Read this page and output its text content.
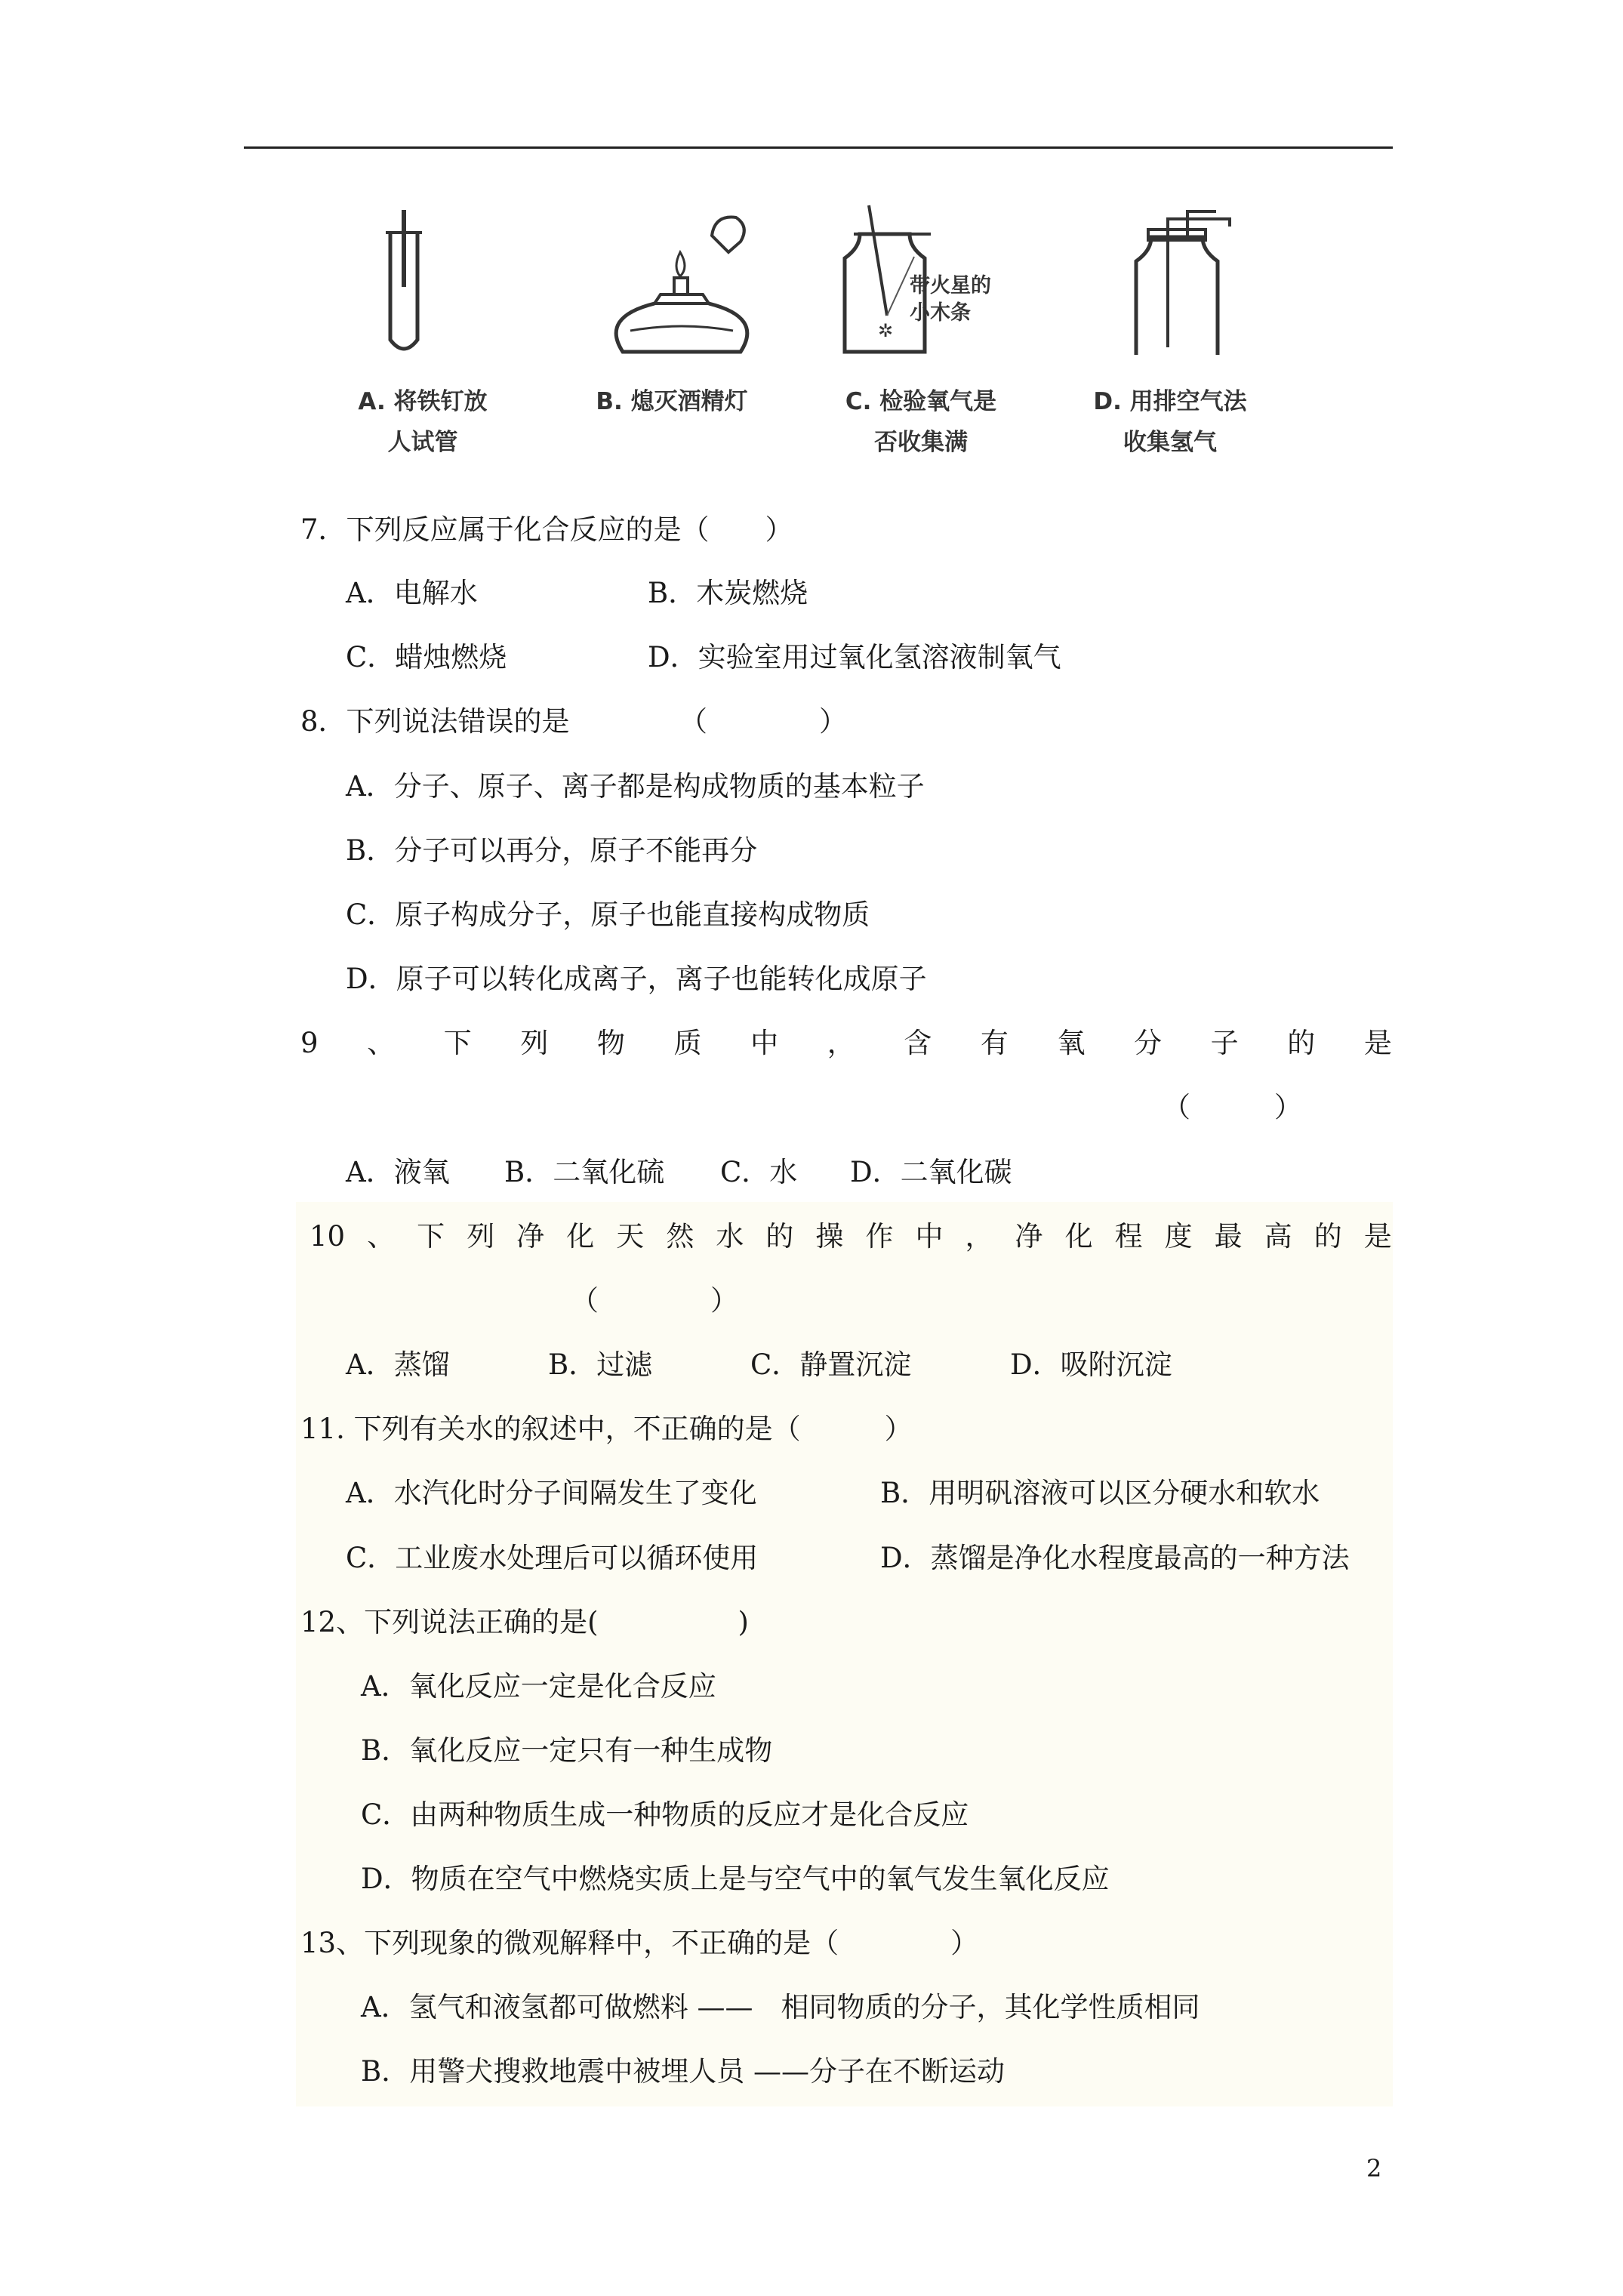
A. 将铁钉放
人试管
B. 熄灭酒精灯
✲
带火星的
小木条
C. 检验氧气是
否收集满
D. 用排空气法
收集氢气
7．下列反应属于化合反应的是（　　）
A．电解水	B．木炭燃烧
C．蜡烛燃烧	D．实验室用过氧化氢溶液制氧气
8．下列说法错误的是	（　　　　）
A．分子、原子、离子都是构成物质的基本粒子
B．分子可以再分，原子不能再分
C．原子构成分子，原子也能直接构成物质
D．原子可以转化成离子，离子也能转化成原子
9 、 下 列 物 质 中 ， 含 有 氧 分 子 的 是
（　　　）
A．液氧 B．二氧化硫 C．水 D．二氧化碳
10 、 下 列 净 化 天 然 水 的 操 作 中 ， 净 化 程 度 最 高 的 是
（　　　　）
A．蒸馏	B．过滤	C．静置沉淀	D．吸附沉淀
11. 下列有关水的叙述中，不正确的是（　　　）
A．水汽化时分子间隔发生了变化	B．用明矾溶液可以区分硬水和软水
C．工业废水处理后可以循环使用	D．蒸馏是净化水程度最高的一种方法
12、下列说法正确的是(　　　　　)
A．氧化反应一定是化合反应
B．氧化反应一定只有一种生成物
C．由两种物质生成一种物质的反应才是化合反应
D．物质在空气中燃烧实质上是与空气中的氧气发生氧化反应
13、下列现象的微观解释中，不正确的是（　　　　）
A．氢气和液氢都可做燃料 ——　相同物质的分子，其化学性质相同
B．用警犬搜救地震中被埋人员 ——分子在不断运动
2
